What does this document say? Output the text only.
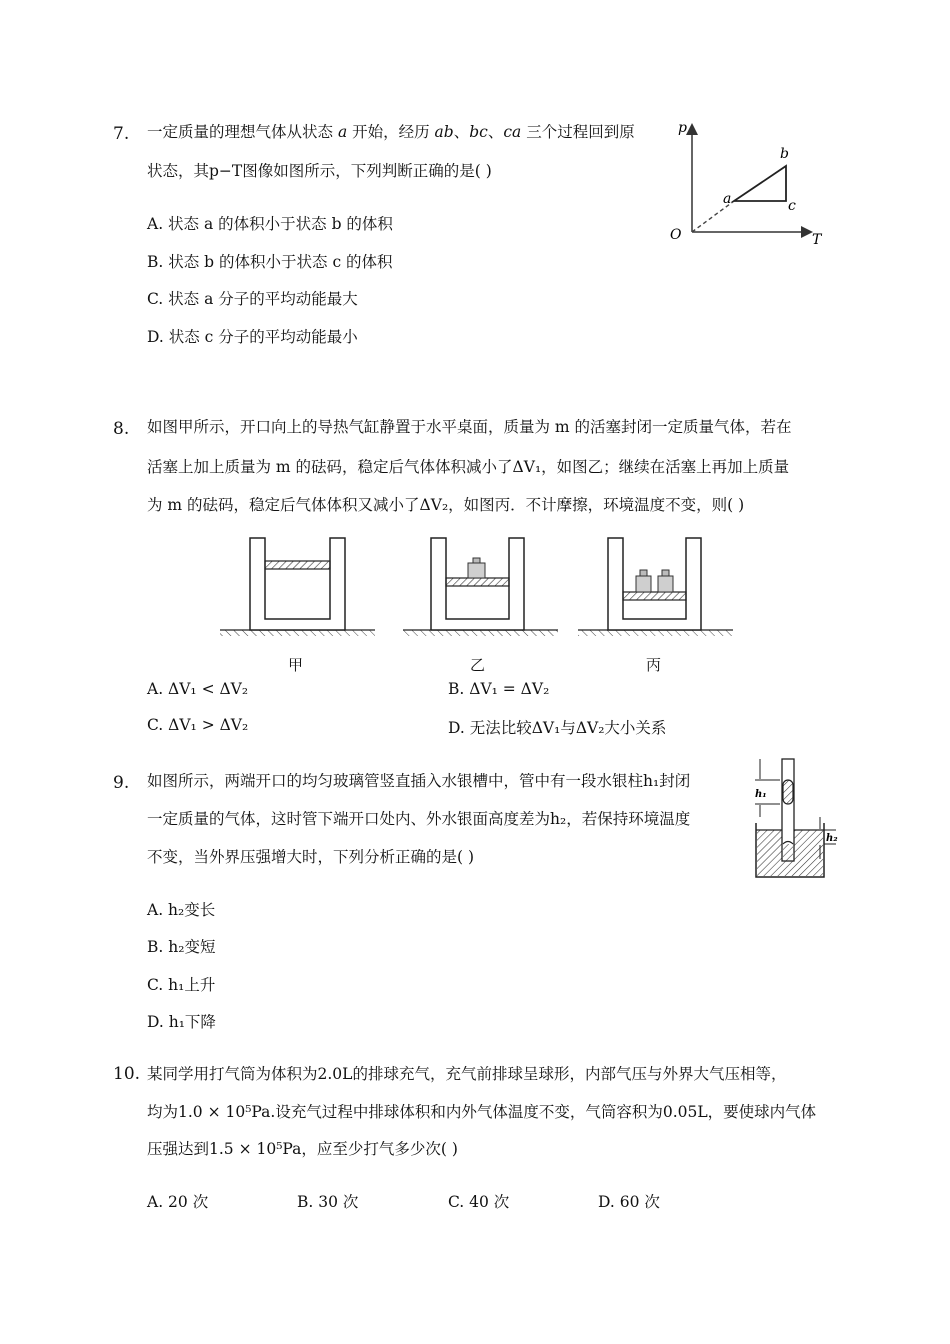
7. 一定质量的理想气体从状态 a 开始，经历 ab、bc、ca 三个过程回到原
状态，其p−T图像如图所示，下列判断正确的是( )
p
T
O
a
b
c
A. 状态 a 的体积小于状态 b 的体积
B. 状态 b 的体积小于状态 c 的体积
C. 状态 a 分子的平均动能最大
D. 状态 c 分子的平均动能最小
8. 如图甲所示，开口向上的导热气缸静置于水平桌面，质量为 m 的活塞封闭一定质量气体，若在
活塞上加上质量为 m 的砝码，稳定后气体体积减小了ΔV₁，如图乙；继续在活塞上再加上质量
为 m 的砝码，稳定后气体体积又减小了ΔV₂，如图丙．不计摩擦，环境温度不变，则( )
甲	乙	丙
A. ΔV₁ < ΔV₂	B. ΔV₁ = ΔV₂
C. ΔV₁ > ΔV₂	D. 无法比较ΔV₁与ΔV₂大小关系
9. 如图所示，两端开口的均匀玻璃管竖直插入水银槽中，管中有一段水银柱h₁封闭
一定质量的气体，这时管下端开口处内、外水银面高度差为h₂，若保持环境温度
不变，当外界压强增大时，下列分析正确的是( )
h₁
h₂
A. h₂变长
B. h₂变短
C. h₁上升
D. h₁下降
10. 某同学用打气筒为体积为2.0L的排球充气，充气前排球呈球形，内部气压与外界大气压相等，
均为1.0 × 10⁵Pa.设充气过程中排球体积和内外气体温度不变，气筒容积为0.05L，要使球内气体
压强达到1.5 × 10⁵Pa，应至少打气多少次( )
A. 20 次	B. 30 次	C. 40 次	D. 60 次
